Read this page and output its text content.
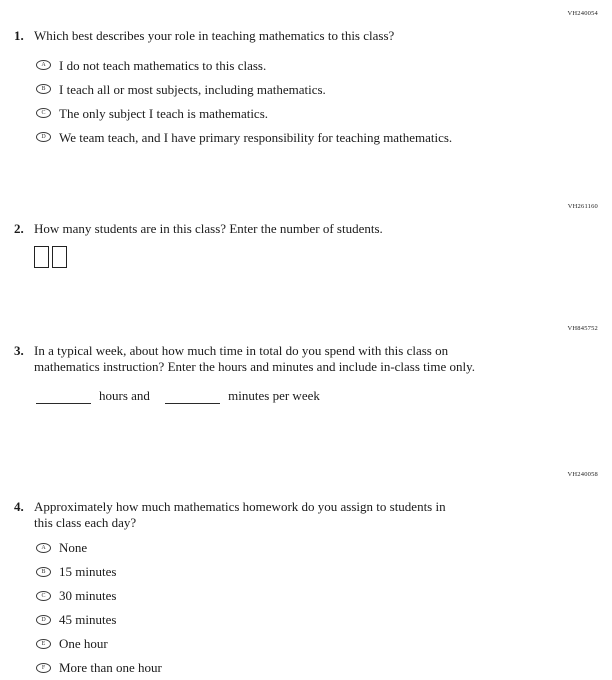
VH240054
1. Which best describes your role in teaching mathematics to this class?
A	I do not teach mathematics to this class.
B	I teach all or most subjects, including mathematics.
C	The only subject I teach is mathematics.
D	We team teach, and I have primary responsibility for teaching mathematics.
VH261160
2. How many students are in this class? Enter the number of students.
VH845752
3. In a typical week, about how much time in total do you spend with this class on mathematics instruction? Enter the hours and minutes and include in-class time only.
hours and	minutes per week
VH240058
4. Approximately how much mathematics homework do you assign to students in this class each day?
A	None
B	15 minutes
C	30 minutes
D	45 minutes
E	One hour
F	More than one hour
